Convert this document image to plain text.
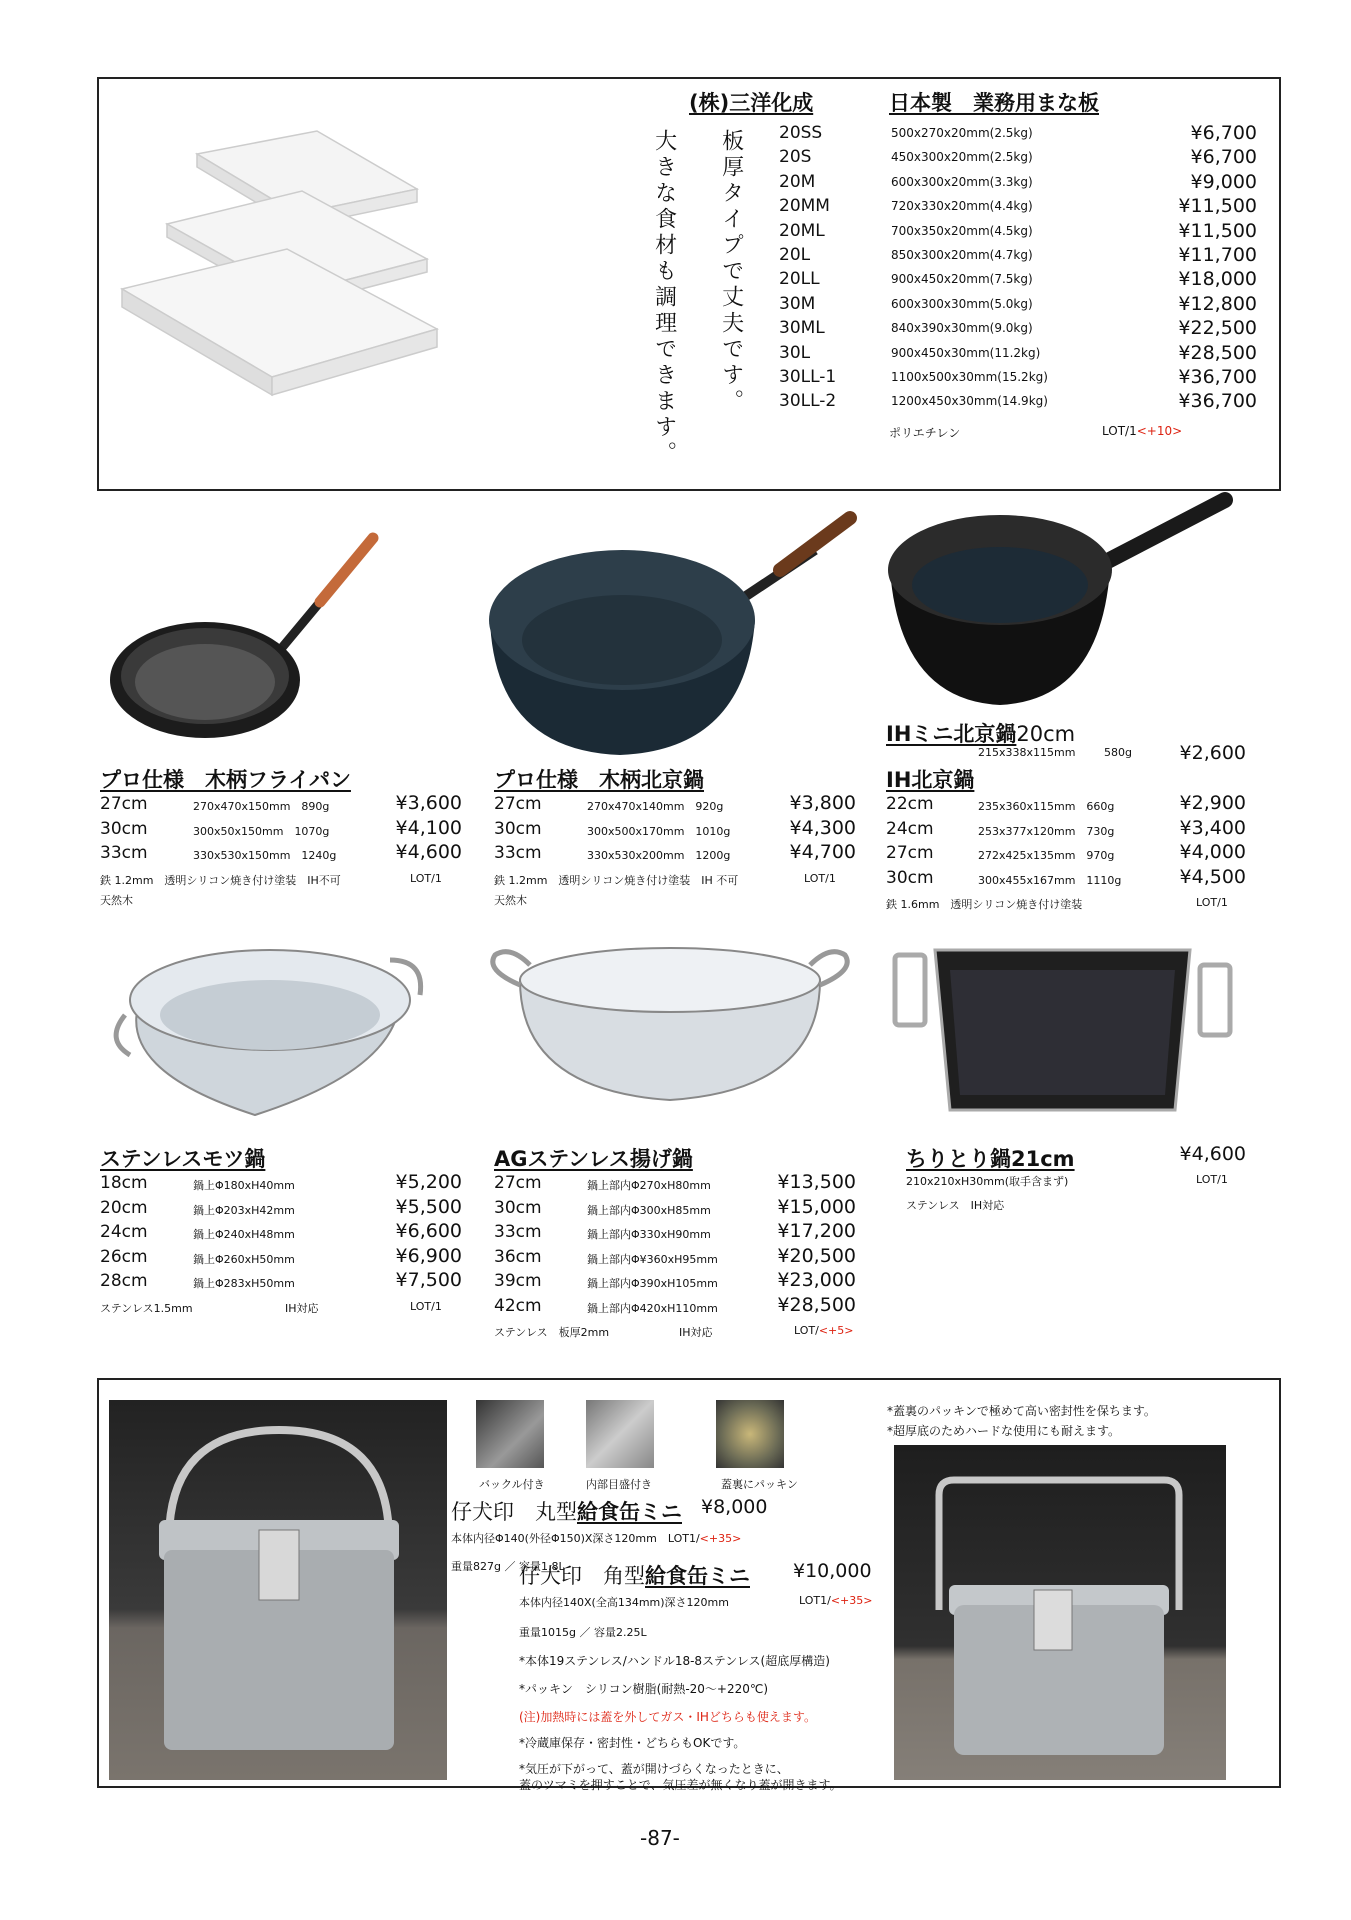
大きな食材も調理できます。 板厚タイプで丈夫です。
(株)三洋化成	日本製　業務用まな板
20SS	500x270x20mm(2.5kg)	¥6,700
20S	450x300x20mm(2.5kg)	¥6,700
20M	600x300x20mm(3.3kg)	¥9,000
20MM	720x330x20mm(4.4kg)	¥11,500
20ML	700x350x20mm(4.5kg)	¥11,500
20L	850x300x20mm(4.7kg)	¥11,700
20LL	900x450x20mm(7.5kg)	¥18,000
30M	600x300x30mm(5.0kg)	¥12,800
30ML	840x390x30mm(9.0kg)	¥22,500
30L	900x450x30mm(11.2kg)	¥28,500
30LL-1	1100x500x30mm(15.2kg)	¥36,700
30LL-2	1200x450x30mm(14.9kg)	¥36,700
ポリエチレン	LOT/1<+10>
IHミニ北京鍋20cm
215x338x115mm	580g	¥2,600
プロ仕様　木柄フライパン
27cm	270x470x150mm　890g	¥3,600
30cm	300x50x150mm　1070g	¥4,100
33cm	330x530x150mm　1240g	¥4,600
鉄 1.2mm　透明シリコン焼き付け塗装　IH不可	LOT/1
天然木
プロ仕様　木柄北京鍋
27cm	270x470x140mm　920g	¥3,800
30cm	300x500x170mm　1010g	¥4,300
33cm	330x530x200mm　1200g	¥4,700
鉄 1.2mm　透明シリコン焼き付け塗装　IH 不可	LOT/1
天然木
IH北京鍋
22cm	235x360x115mm　660g	¥2,900
24cm	253x377x120mm　730g	¥3,400
27cm	272x425x135mm　970g	¥4,000
30cm	300x455x167mm　1110g	¥4,500
鉄 1.6mm　透明シリコン焼き付け塗装	LOT/1
ステンレスモツ鍋
18cm	鍋上Φ180xH40mm	¥5,200
20cm	鍋上Φ203xH42mm	¥5,500
24cm	鍋上Φ240xH48mm	¥6,600
26cm	鍋上Φ260xH50mm	¥6,900
28cm	鍋上Φ283xH50mm	¥7,500
ステンレス1.5mm	IH対応	LOT/1
AGステンレス揚げ鍋
27cm	鍋上部内Φ270xH80mm	¥13,500
30cm	鍋上部内Φ300xH85mm	¥15,000
33cm	鍋上部内Φ330xH90mm	¥17,200
36cm	鍋上部内Φ¥360xH95mm	¥20,500
39cm	鍋上部内Φ390xH105mm	¥23,000
42cm	鍋上部内Φ420xH110mm	¥28,500
ステンレス　板厚2mm	IH対応	LOT/<+5>
ちりとり鍋21cm	¥4,600
210x210xH30mm(取手含まず)	LOT/1
ステンレス　IH対応
バックル付き	内部目盛付き	蓋裏にパッキン
*蓋裏のパッキンで極めて高い密封性を保ちます。
*超厚底のためハードな使用にも耐えます。
仔犬印　丸型給食缶ミニ ¥8,000
本体内径Φ140(外径Φ150)X深さ120mm　LOT1/<+35>
重量827g ／ 容量1.8L
仔犬印　角型給食缶ミニ ¥10,000
本体内径140X(全高134mm)深さ120mm	LOT1/<+35>
重量1015g ／ 容量2.25L
*本体19ステンレス/ハンドル18-8ステンレス(超底厚構造)
*パッキン　シリコン樹脂(耐熱-20～+220℃)
(注)加熱時には蓋を外してガス・IHどちらも使えます。
*冷蔵庫保存・密封性・どちらもOKです。
*気圧が下がって、蓋が開けづらくなったときに、
蓋のツマミを押すことで、気圧差が無くなり蓋が開きます。
-87-
